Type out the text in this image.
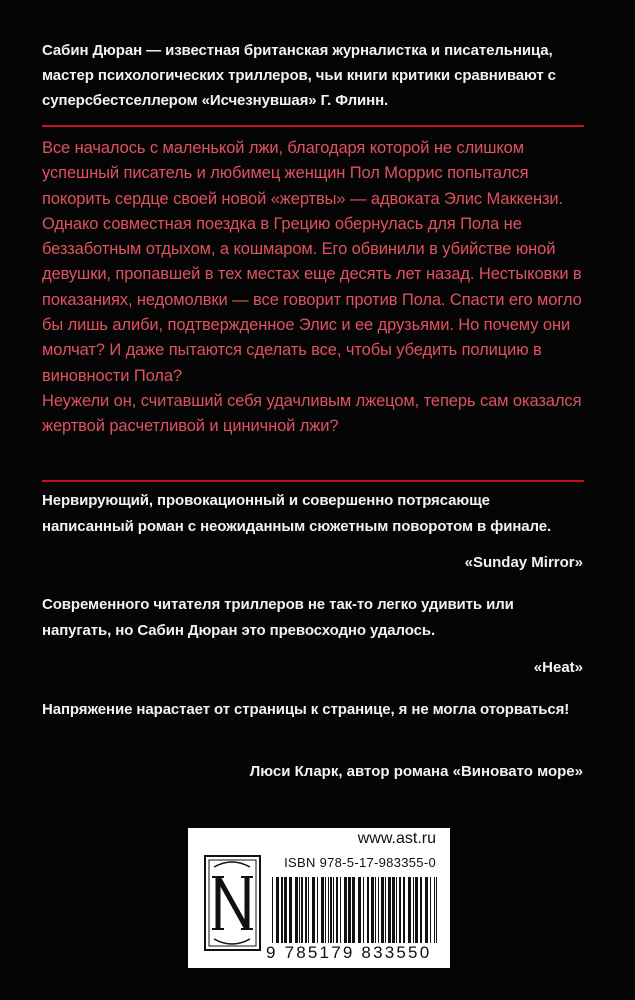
Сабин Дюран — известная британская журналистка и писательница, мастер психологических триллеров, чьи книги критики сравнивают с суперсбестселлером «Исчезнувшая» Г. Флинн.

Все началось с маленькой лжи, благодаря которой не слишком успешный писатель и любимец женщин Пол Моррис попытался покорить сердце своей новой «жертвы» — адвоката Элис Маккензи.

Однако совместная поездка в Грецию обернулась для Пола не беззаботным отдыхом, а кошмаром. Его обвинили в убийстве юной девушки, пропавшей в тех местах еще десять лет назад. Нестыковки в показаниях, недомолвки — все говорит против Пола. Спасти его могло бы лишь алиби, подтвержденное Элис и ее друзьями. Но почему они молчат? И даже пытаются сделать все, чтобы убедить полицию в виновности Пола?

Неужели он, считавший себя удачливым лжецом, теперь сам оказался жертвой расчетливой и циничной лжи?

Нервирующий, провокационный и совершенно потрясающе написанный роман с неожиданным сюжетным поворотом в финале.

«Sunday Mirror»

Современного читателя триллеров не так-то легко удивить или напугать, но Сабин Дюран это превосходно удалось.

«Heat»

Напряжение нарастает от страницы к странице, я не могла оторваться!

Люси Кларк, автор романа «Виновато море»
www.ast.ru
ISBN 978-5-17-983355-0
9 785179 833550
